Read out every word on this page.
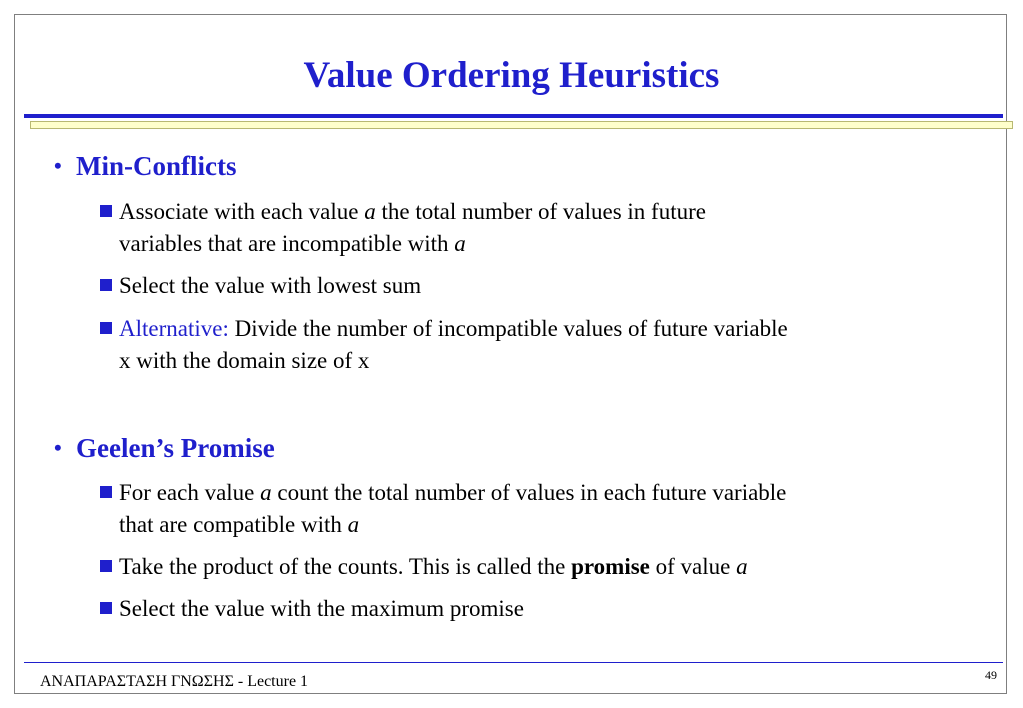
Value Ordering Heuristics
• Min-Conflicts
Associate with each value a the total number of values in future
variables that are incompatible with a
Select the value with lowest sum
Alternative: Divide the number of incompatible values of future variable
x with the domain size of x
• Geelen’s Promise
For each value a count the total number of values in each future variable
that are compatible with a
Take the product of the counts. This is called the promise of value a
Select the value with the maximum promise
ΑΝΑΠΑΡΑΣΤΑΣΗ ΓΝΩΣΗΣ - Lecture 1	49
